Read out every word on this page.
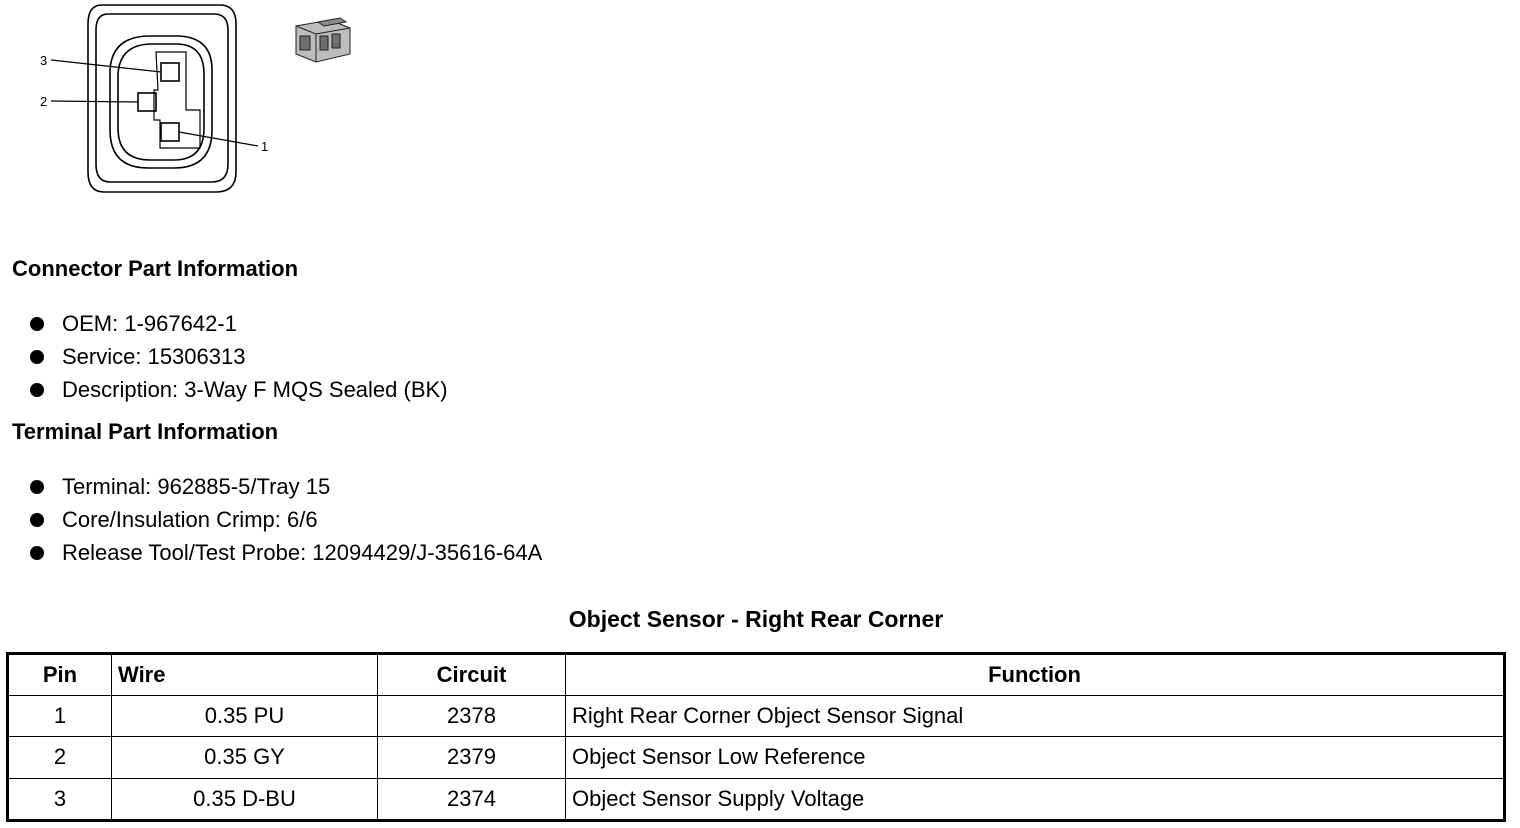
3
2
1
Connector Part Information
OEM: 1-967642-1
Service: 15306313
Description: 3-Way F MQS Sealed (BK)
Terminal Part Information
Terminal: 962885-5/Tray 15
Core/Insulation Crimp: 6/6
Release Tool/Test Probe: 12094429/J-35616-64A
Object Sensor - Right Rear Corner
Pin	Wire	Circuit	Function
1	0.35 PU	2378	Right Rear Corner Object Sensor Signal
2	0.35 GY	2379	Object Sensor Low Reference
3	0.35 D-BU	2374	Object Sensor Supply Voltage
